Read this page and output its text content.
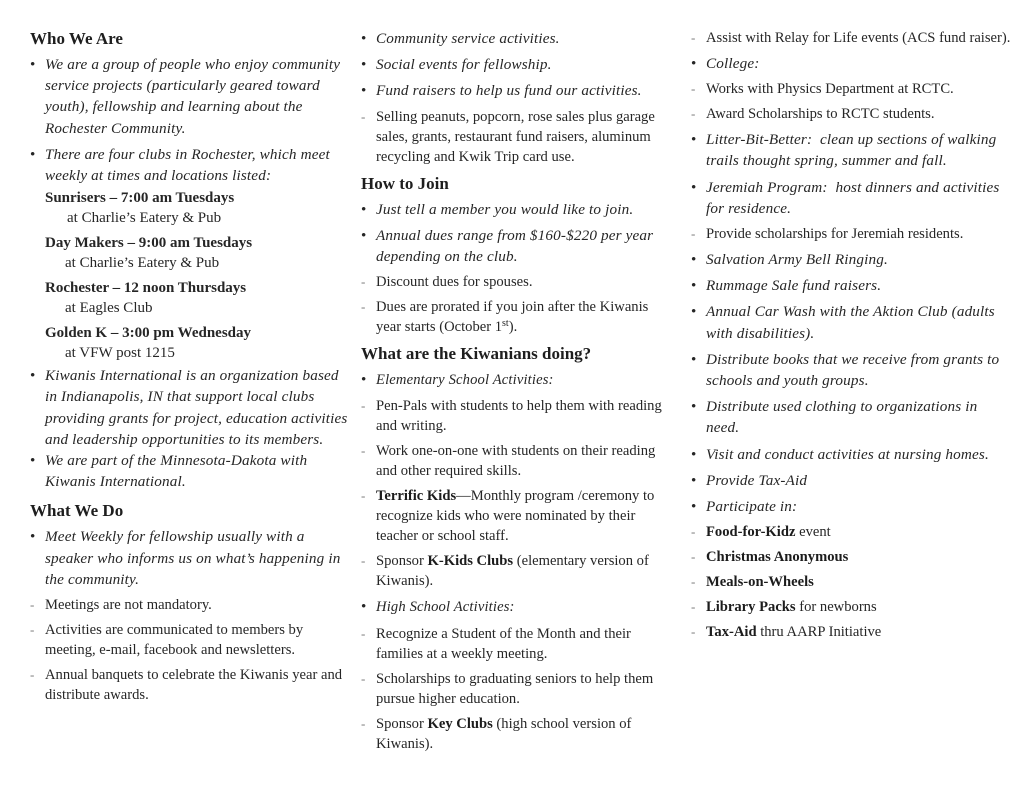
Who We Are
• We are a group of people who enjoy community service projects (particularly geared toward youth), fellowship and learning about the Rochester Community.
• There are four clubs in Rochester, which meet weekly at times and locations listed:
Sunrisers – 7:00 am Tuesdays
at Charlie’s Eatery & Pub
Day Makers – 9:00 am Tuesdays
at Charlie’s Eatery & Pub
Rochester – 12 noon Thursdays
at Eagles Club
Golden K – 3:00 pm Wednesday
at VFW post 1215
• Kiwanis International is an organization based in Indianapolis, IN that support local clubs providing grants for project, education activities and leadership opportunities to its members.
• We are part of the Minnesota-Dakota with Kiwanis International.
What We Do
• Meet Weekly for fellowship usually with a speaker who informs us on what’s happening in the community.
- Meetings are not mandatory.
- Activities are communicated to members by meeting, e-mail, facebook and newsletters.
- Annual banquets to celebrate the Kiwanis year and distribute awards.
• Community service activities.
• Social events for fellowship.
• Fund raisers to help us fund our activities.
- Selling peanuts, popcorn, rose sales plus garage sales, grants, restaurant fund raisers, aluminum recycling and Kwik Trip card use.
How to Join
• Just tell a member you would like to join.
• Annual dues range from $160-$220 per year depending on the club.
- Discount dues for spouses.
- Dues are prorated if you join after the Kiwanis year starts (October 1st).
What are the Kiwanians doing?
• Elementary School Activities:
- Pen-Pals with students to help them with reading and writing.
- Work one-on-one with students on their reading and other required skills.
- Terrific Kids—Monthly program /ceremony to recognize kids who were nominated by their teacher or school staff.
- Sponsor K-Kids Clubs (elementary version of Kiwanis).
• High School Activities:
- Recognize a Student of the Month and their families at a weekly meeting.
- Scholarships to graduating seniors to help them pursue higher education.
- Sponsor Key Clubs (high school version of Kiwanis).
- Assist with Relay for Life events (ACS fund raiser).
• College:
- Works with Physics Department at RCTC.
- Award Scholarships to RCTC students.
• Litter-Bit-Better:  clean up sections of walking trails thought spring, summer and fall.
• Jeremiah Program:  host dinners and activities for residence.
- Provide scholarships for Jeremiah residents.
• Salvation Army Bell Ringing.
• Rummage Sale fund raisers.
• Annual Car Wash with the Aktion Club (adults with disabilities).
• Distribute books that we receive from grants to schools and youth groups.
• Distribute used clothing to organizations in need.
• Visit and conduct activities at nursing homes.
• Provide Tax-Aid
• Participate in:
- Food-for-Kidz event
- Christmas Anonymous
- Meals-on-Wheels
- Library Packs for newborns
- Tax-Aid thru AARP Initiative
